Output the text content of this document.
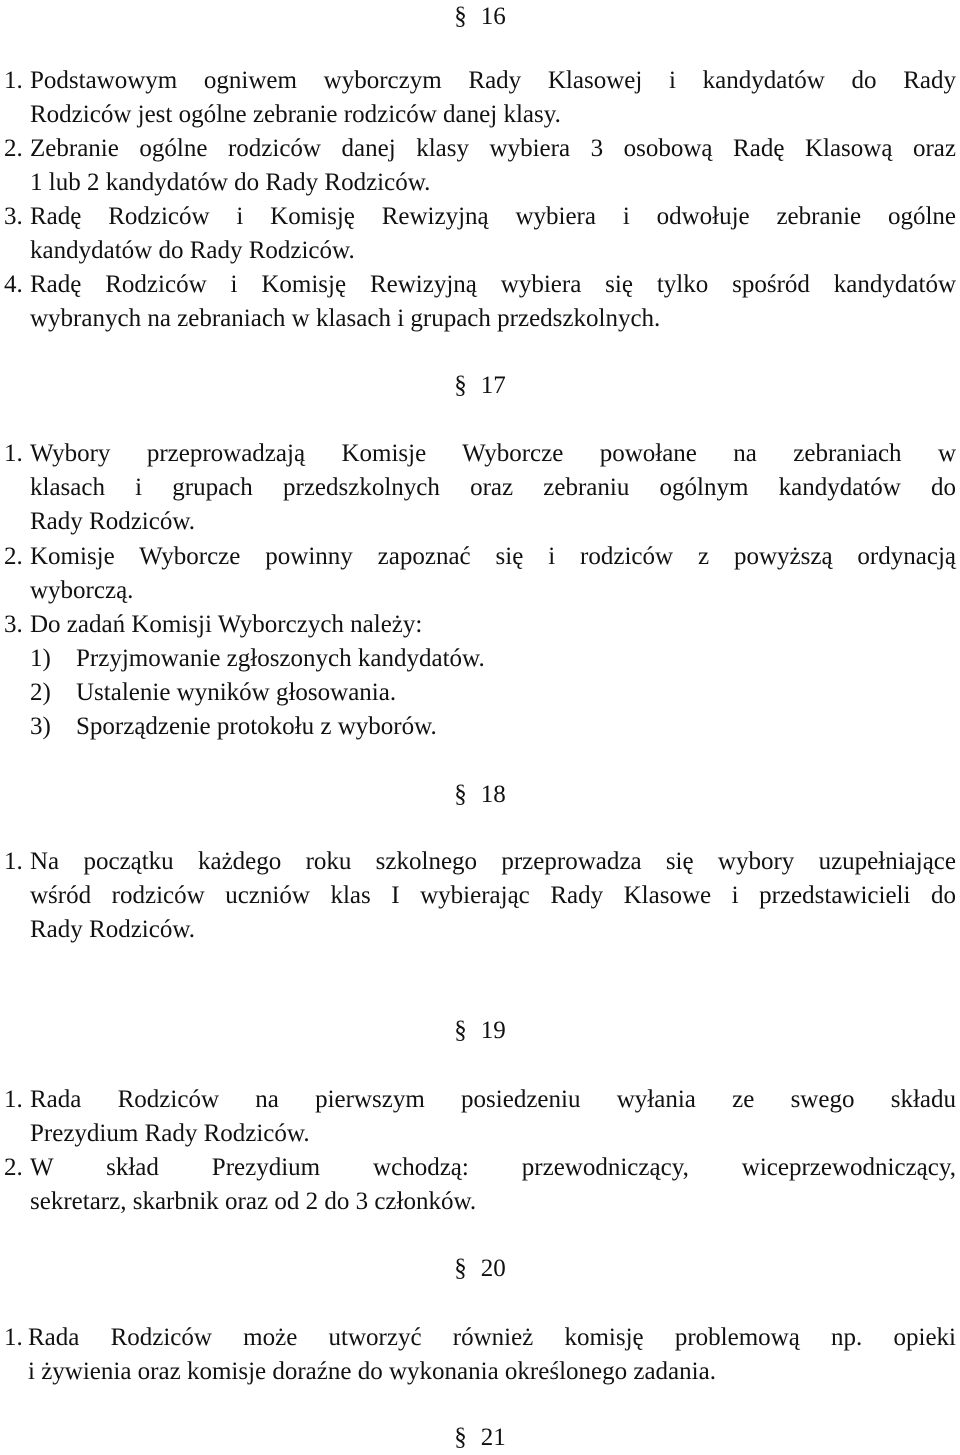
§ 16
1. Podstawowym ogniwem wyborczym Rady Klasowej i kandydatów do Rady
Rodziców jest ogólne zebranie rodziców danej klasy.
2. Zebranie ogólne rodziców danej klasy wybiera 3 osobową Radę Klasową oraz
1 lub 2 kandydatów do Rady Rodziców.
3. Radę Rodziców i Komisję Rewizyjną wybiera i odwołuje zebranie ogólne
kandydatów do Rady Rodziców.
4. Radę Rodziców i Komisję Rewizyjną wybiera się tylko spośród kandydatów
wybranych na zebraniach w klasach i grupach przedszkolnych.
§ 17
1. Wybory przeprowadzają Komisje Wyborcze powołane na zebraniach w
klasach i grupach przedszkolnych oraz zebraniu ogólnym kandydatów do
Rady Rodziców.
2. Komisje Wyborcze powinny zapoznać się i rodziców z powyższą ordynacją
wyborczą.
3. Do zadań Komisji Wyborczych należy:
1) Przyjmowanie zgłoszonych kandydatów.
2) Ustalenie wyników głosowania.
3) Sporządzenie protokołu z wyborów.
§ 18
1. Na początku każdego roku szkolnego przeprowadza się wybory uzupełniające
wśród rodziców uczniów klas I wybierając Rady Klasowe i przedstawicieli do
Rady Rodziców.
§ 19
1. Rada Rodziców na pierwszym posiedzeniu wyłania ze swego składu
Prezydium Rady Rodziców.
2. W skład Prezydium wchodzą: przewodniczący, wiceprzewodniczący,
sekretarz, skarbnik oraz od 2 do 3 członków.
§ 20
1. Rada Rodziców może utworzyć również komisję problemową np. opieki
i żywienia oraz komisje doraźne do wykonania określonego zadania.
§ 21
